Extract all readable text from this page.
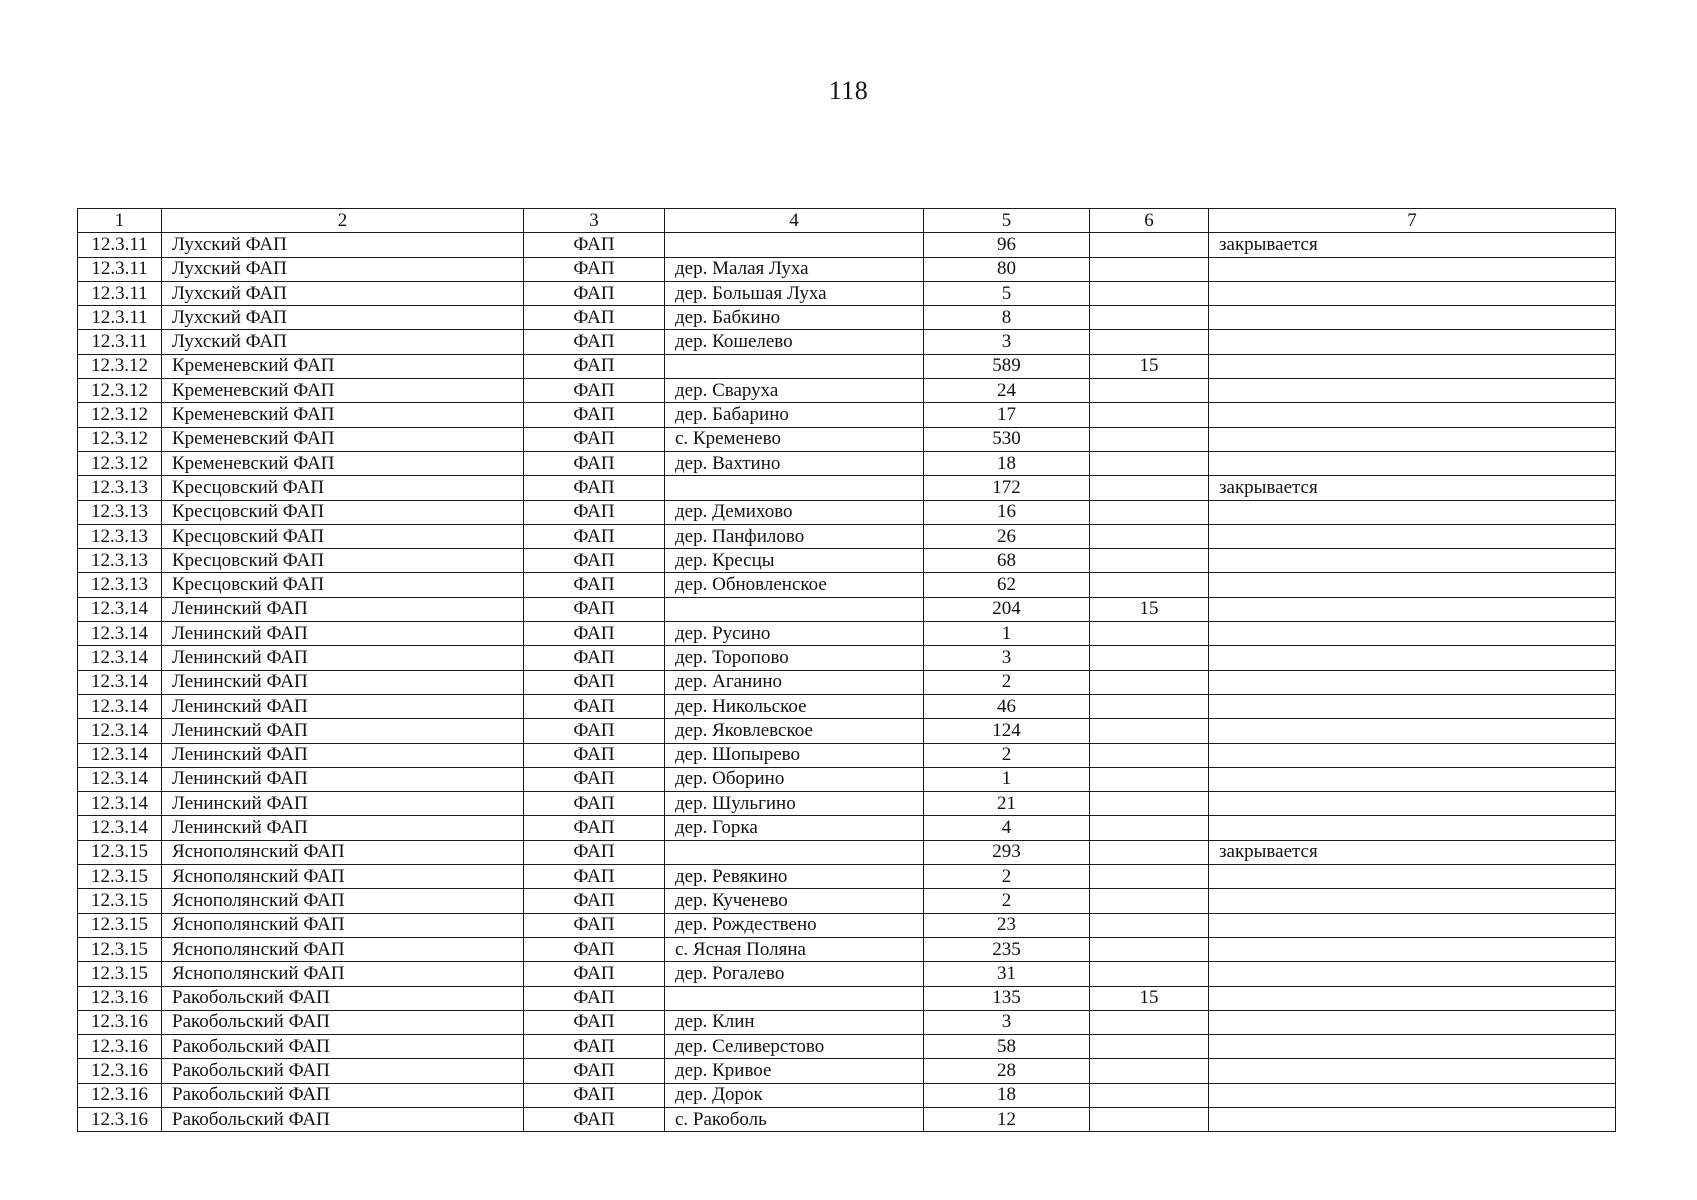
118
1	2	3	4	5	6	7
12.3.11	Лухский ФАП	ФАП		96		закрывается
12.3.11	Лухский ФАП	ФАП	дер. Малая Луха	80		
12.3.11	Лухский ФАП	ФАП	дер. Большая Луха	5		
12.3.11	Лухский ФАП	ФАП	дер. Бабкино	8		
12.3.11	Лухский ФАП	ФАП	дер. Кошелево	3		
12.3.12	Кременевский ФАП	ФАП		589	15	
12.3.12	Кременевский ФАП	ФАП	дер. Сваруха	24		
12.3.12	Кременевский ФАП	ФАП	дер. Бабарино	17		
12.3.12	Кременевский ФАП	ФАП	с. Кременево	530		
12.3.12	Кременевский ФАП	ФАП	дер. Вахтино	18		
12.3.13	Кресцовский ФАП	ФАП		172		закрывается
12.3.13	Кресцовский ФАП	ФАП	дер. Демихово	16		
12.3.13	Кресцовский ФАП	ФАП	дер. Панфилово	26		
12.3.13	Кресцовский ФАП	ФАП	дер. Кресцы	68		
12.3.13	Кресцовский ФАП	ФАП	дер. Обновленское	62		
12.3.14	Ленинский ФАП	ФАП		204	15	
12.3.14	Ленинский ФАП	ФАП	дер. Русино	1		
12.3.14	Ленинский ФАП	ФАП	дер. Торопово	3		
12.3.14	Ленинский ФАП	ФАП	дер. Аганино	2		
12.3.14	Ленинский ФАП	ФАП	дер. Никольское	46		
12.3.14	Ленинский ФАП	ФАП	дер. Яковлевское	124		
12.3.14	Ленинский ФАП	ФАП	дер. Шопырево	2		
12.3.14	Ленинский ФАП	ФАП	дер. Оборино	1		
12.3.14	Ленинский ФАП	ФАП	дер. Шульгино	21		
12.3.14	Ленинский ФАП	ФАП	дер. Горка	4		
12.3.15	Яснополянский ФАП	ФАП		293		закрывается
12.3.15	Яснополянский ФАП	ФАП	дер. Ревякино	2		
12.3.15	Яснополянский ФАП	ФАП	дер. Кученево	2		
12.3.15	Яснополянский ФАП	ФАП	дер. Рождествено	23		
12.3.15	Яснополянский ФАП	ФАП	с. Ясная Поляна	235		
12.3.15	Яснополянский ФАП	ФАП	дер. Рогалево	31		
12.3.16	Ракобольский ФАП	ФАП		135	15	
12.3.16	Ракобольский ФАП	ФАП	дер. Клин	3		
12.3.16	Ракобольский ФАП	ФАП	дер. Селиверстово	58		
12.3.16	Ракобольский ФАП	ФАП	дер. Кривое	28		
12.3.16	Ракобольский ФАП	ФАП	дер. Дорок	18		
12.3.16	Ракобольский ФАП	ФАП	с. Ракоболь	12		
